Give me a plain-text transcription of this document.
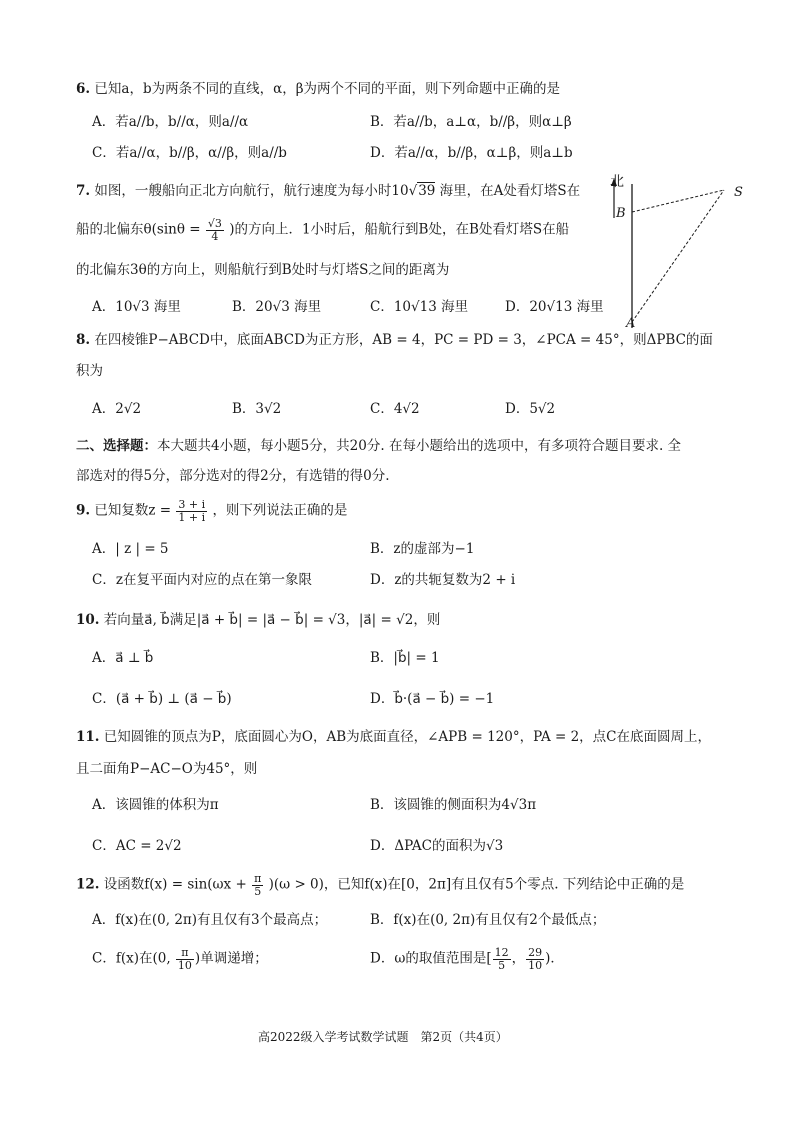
6. 已知a，b为两条不同的直线，α，β为两个不同的平面，则下列命题中正确的是
A．若a//b，b//α，则a//α	B．若a//b，a⊥α，b//β，则α⊥β
C．若a//α，b//β，α//β，则a//b	D．若a//α，b//β，α⊥β，则a⊥b
7. 如图，一艘船向正北方向航行，航行速度为每小时10√39 海里，在A处看灯塔S在
船的北偏东$\theta(\sin\theta = \frac{√3}{4}$ )的方向上．1小时后，船航行到B处，在B处看灯塔S在船
的北偏东3θ的方向上，则船航行到B处时与灯塔S之间的距离为
A．10√3 海里	B．20√3 海里	C．10√13 海里	D．20√13 海里
北
B
S
A
8. 在四棱锥P−ABCD中，底面ABCD为正方形，AB = 4，PC = PD = 3，∠PCA = 45°，则ΔPBC的面
积为
A．2√2	B．3√2	C．4√2	D．5√2
二、选择题：本大题共4小题，每小题5分，共20分. 在每小题给出的选项中，有多项符合题目要求. 全
部选对的得5分，部分选对的得2分，有选错的得0分.
9. 已知复数$z = \frac{3 + i}{1 + i}$ ，则下列说法正确的是
A．| z | = 5	B．z的虚部为−1
C．z在复平面内对应的点在第一象限	D．z的共轭复数为2 + i
10. 若向量a⃗, b⃗满足|a⃗ + b⃗| = |a⃗ − b⃗| = √3，|a⃗| = √2，则
A．a⃗ ⊥ b⃗	B．|b⃗| = 1
C．(a⃗ + b⃗) ⊥ (a⃗ − b⃗)	D．b⃗·(a⃗ − b⃗) = −1
11. 已知圆锥的顶点为P，底面圆心为O，AB为底面直径，∠APB = 120°，PA = 2，点C在底面圆周上，
且二面角P−AC−O为45°，则
A．该圆锥的体积为π	B．该圆锥的侧面积为4√3π
C．AC = 2√2	D．ΔPAC的面积为√3
12. 设函数$f(x) = \sin(\omega x + \frac{\pi}{5} )(\omega > 0)$，已知f(x)在[0，2π]有且仅有5个零点. 下列结论中正确的是
A．f(x)在(0, 2π)有且仅有3个最高点；	B．f(x)在(0, 2π)有且仅有2个最低点；
C．f(x)在(0, $\frac{\pi}{10}$ )单调递增；	D．ω的取值范围是[ $\frac{12}{5}$ ， $\frac{29}{10}$ )．
高2022级入学考试数学试题　第2页（共4页）
